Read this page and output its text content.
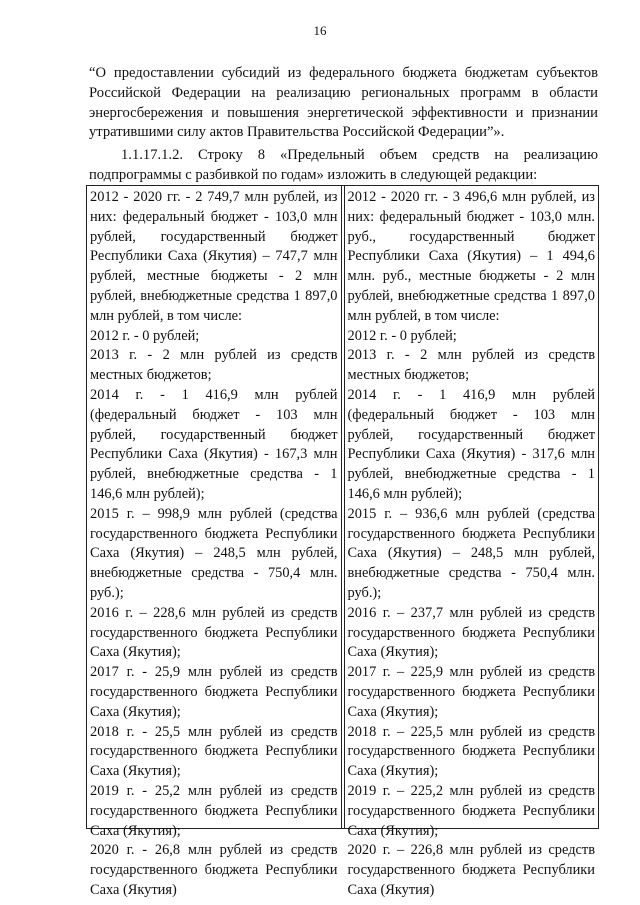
16

“О предоставлении субсидий из федерального бюджета бюджетам субъектов Российской Федерации на реализацию региональных программ в области энергосбережения и повышения энергетической эффективности и признании утратившими силу актов Правительства Российской Федерации”».

1.1.17.1.2. Строку 8 «Предельный объем средств на реализацию подпрограммы с разбивкой по годам» изложить в следующей редакции:

2012 - 2020 гг. - 2 749,7 млн рублей, из них: федеральный бюджет - 103,0 млн рублей, государственный бюджет Республики Саха (Якутия) – 747,7 млн рублей, местные бюджеты - 2 млн рублей, внебюджетные средства 1 897,0 млн рублей, в том числе:

2012 г. - 0 рублей;

2013 г. - 2 млн рублей из средств местных бюджетов;

2014 г. - 1 416,9 млн рублей (федеральный бюджет - 103 млн рублей, государственный бюджет Республики Саха (Якутия) - 167,3 млн рублей, внебюджетные средства - 1 146,6 млн рублей);

2015 г. – 998,9 млн рублей (средства государственного бюджета Республики Саха (Якутия) – 248,5 млн рублей, внебюджетные средства - 750,4 млн. руб.);

2016 г. – 228,6 млн рублей из средств государственного бюджета Республики Саха (Якутия);

2017 г. - 25,9 млн рублей из средств государственного бюджета Республики Саха (Якутия);

2018 г. - 25,5 млн рублей из средств государственного бюджета Республики Саха (Якутия);

2019 г. - 25,2 млн рублей из средств государственного бюджета Республики Саха (Якутия);

2020 г. - 26,8 млн рублей из средств государственного бюджета Республики Саха (Якутия)

2012 - 2020 гг. - 3 496,6 млн рублей, из них: федеральный бюджет - 103,0 млн. руб., государственный бюджет Республики Саха (Якутия) – 1 494,6 млн. руб., местные бюджеты - 2 млн рублей, внебюджетные средства 1 897,0 млн рублей, в том числе:

2012 г. - 0 рублей;

2013 г. - 2 млн рублей из средств местных бюджетов;

2014 г. - 1 416,9 млн рублей (федеральный бюджет - 103 млн рублей, государственный бюджет Республики Саха (Якутия) - 317,6 млн рублей, внебюджетные средства - 1 146,6 млн рублей);

2015 г. – 936,6 млн рублей (средства государственного бюджета Республики Саха (Якутия) – 248,5 млн рублей, внебюджетные средства - 750,4 млн. руб.);

2016 г. – 237,7 млн рублей из средств государственного бюджета Республики Саха (Якутия);

2017 г. – 225,9 млн рублей из средств государственного бюджета Республики Саха (Якутия);

2018 г. – 225,5 млн рублей из средств государственного бюджета Республики Саха (Якутия);

2019 г. – 225,2 млн рублей из средств государственного бюджета Республики Саха (Якутия);

2020 г. – 226,8 млн рублей из средств государственного бюджета Республики Саха (Якутия)
